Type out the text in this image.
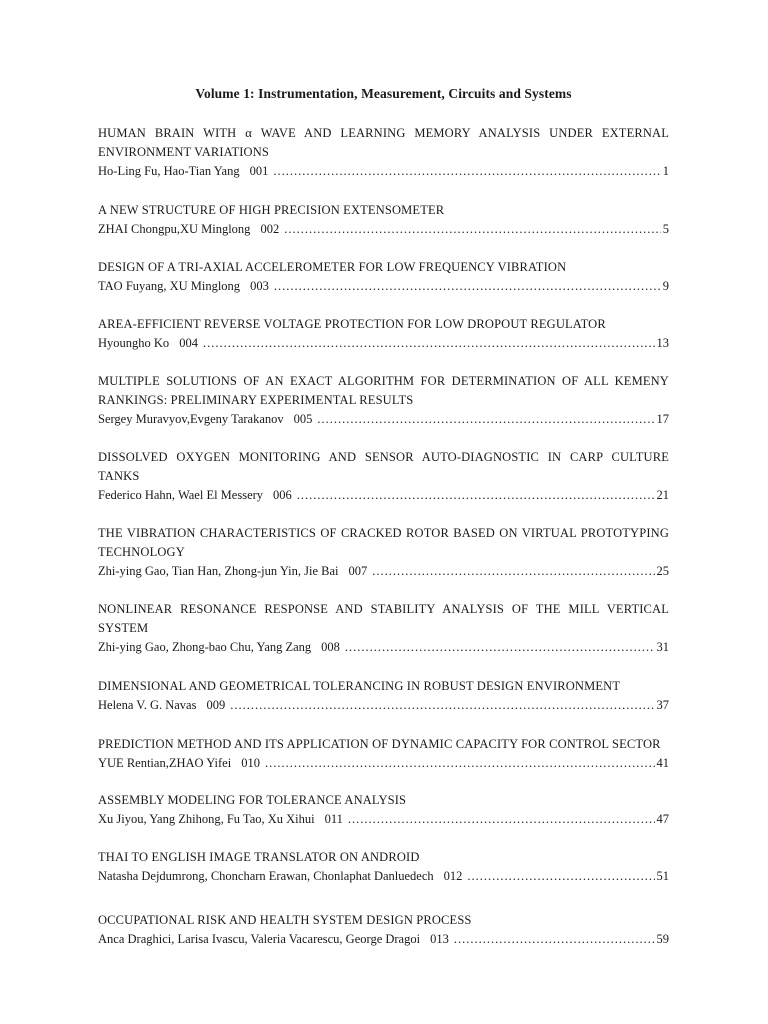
Volume 1: Instrumentation, Measurement, Circuits and Systems
HUMAN BRAIN WITH α WAVE AND LEARNING MEMORY ANALYSIS UNDER EXTERNAL ENVIRONMENT VARIATIONS
Ho-Ling Fu, Hao-Tian Yang 001 .....	1
A NEW STRUCTURE OF HIGH PRECISION EXTENSOMETER
ZHAI Chongpu,XU Minglong 002 .....	5
DESIGN OF A TRI-AXIAL ACCELEROMETER FOR LOW FREQUENCY VIBRATION
TAO Fuyang, XU Minglong 003 .....	9
AREA-EFFICIENT REVERSE VOLTAGE PROTECTION FOR LOW DROPOUT REGULATOR
Hyoungho Ko 004 .....	13
MULTIPLE SOLUTIONS OF AN EXACT ALGORITHM FOR DETERMINATION OF ALL KEMENY RANKINGS: PRELIMINARY EXPERIMENTAL RESULTS
Sergey Muravyov,Evgeny Tarakanov 005 .....	17
DISSOLVED OXYGEN MONITORING AND SENSOR AUTO-DIAGNOSTIC IN CARP CULTURE TANKS
Federico Hahn, Wael El Messery 006 .....	21
THE VIBRATION CHARACTERISTICS OF CRACKED ROTOR BASED ON VIRTUAL PROTOTYPING TECHNOLOGY
Zhi-ying Gao, Tian Han, Zhong-jun Yin, Jie Bai 007 .....	25
NONLINEAR RESONANCE RESPONSE AND STABILITY ANALYSIS OF THE MILL VERTICAL SYSTEM
Zhi-ying Gao, Zhong-bao Chu, Yang Zang 008 .....	31
DIMENSIONAL AND GEOMETRICAL TOLERANCING IN ROBUST DESIGN ENVIRONMENT
Helena V. G. Navas 009 .....	37
PREDICTION METHOD AND ITS APPLICATION OF DYNAMIC CAPACITY FOR CONTROL SECTOR
YUE Rentian,ZHAO Yifei 010 .....	41
ASSEMBLY MODELING FOR TOLERANCE ANALYSIS
Xu Jiyou, Yang Zhihong, Fu Tao, Xu Xihui 011 .....	47
THAI TO ENGLISH IMAGE TRANSLATOR ON ANDROID
Natasha Dejdumrong, Choncharn Erawan, Chonlaphat Danluedech 012 .....	51
OCCUPATIONAL RISK AND HEALTH SYSTEM DESIGN PROCESS
Anca Draghici, Larisa Ivascu, Valeria Vacarescu, George Dragoi 013 .....	59
